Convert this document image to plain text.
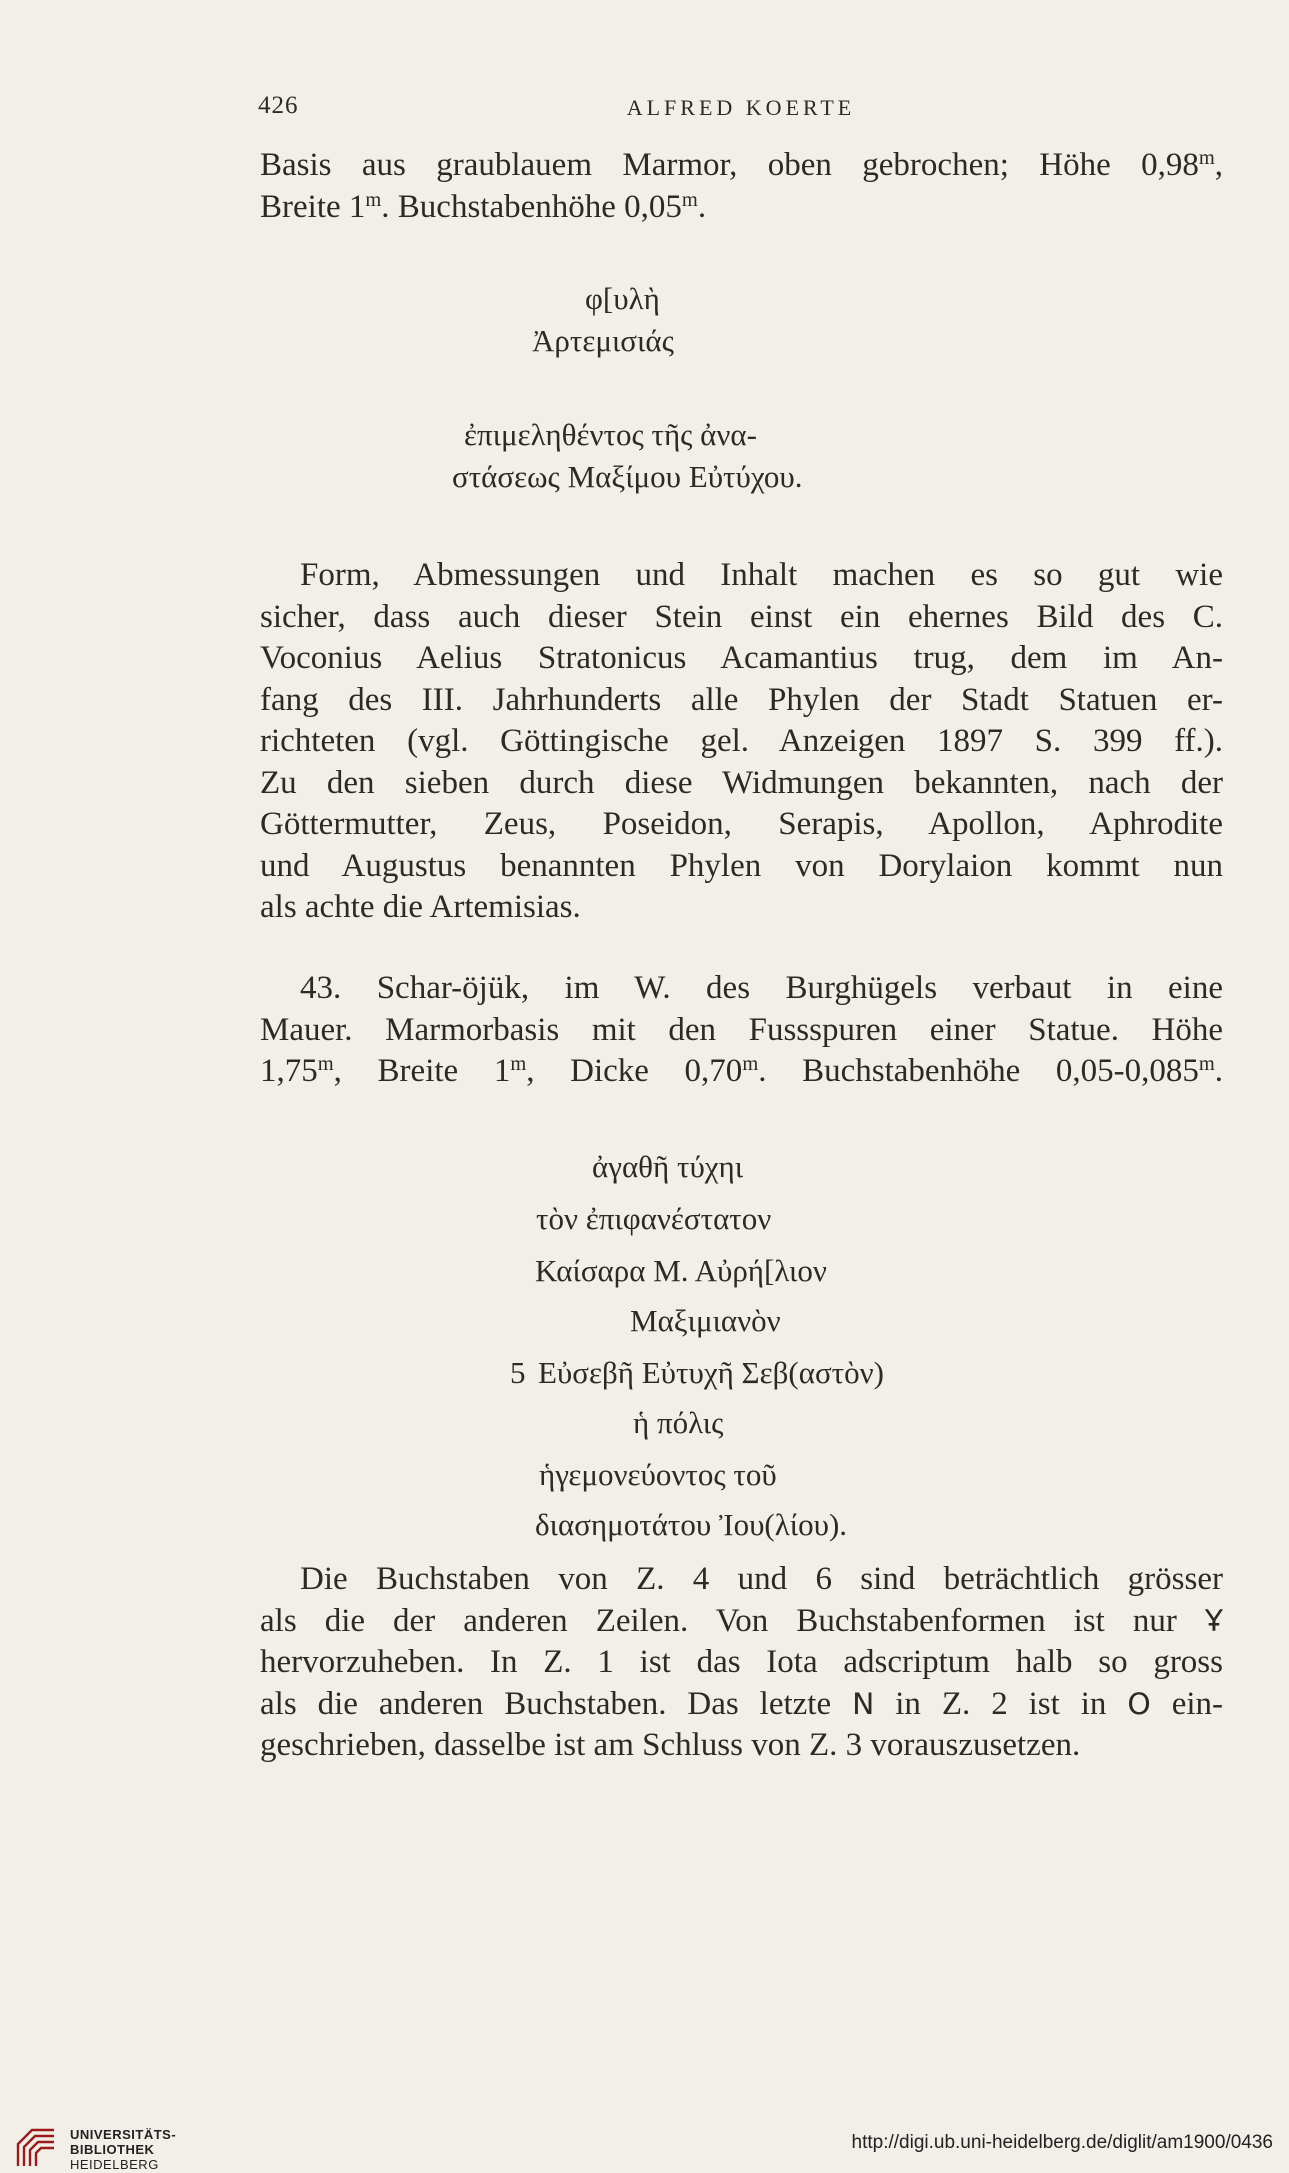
426	ALFRED KOERTE
Basis aus graublauem Marmor, oben gebrochen; Höhe 0,98$^m$,
Breite 1$^m$. Buchstabenhöhe 0,05$^m$.
φ[υλὴ
Ἀρτεμισιάς
ἐπιμεληθέντος τῆς ἀνα-
στάσεως Μαξίμου Εὐτύχου.
Form, Abmessungen und Inhalt machen es so gut wie
sicher, dass auch dieser Stein einst ein ehernes Bild des C.
Voconius Aelius Stratonicus Acamantius trug, dem im An-
fang des III. Jahrhunderts alle Phylen der Stadt Statuen er-
richteten (vgl. Göttingische gel. Anzeigen 1897 S. 399 ff.).
Zu den sieben durch diese Widmungen bekannten, nach der
Göttermutter, Zeus, Poseidon, Serapis, Apollon, Aphrodite
und Augustus benannten Phylen von Dorylaion kommt nun
als achte die Artemisias.
43. Schar-öjük, im W. des Burghügels verbaut in eine
Mauer. Marmorbasis mit den Fussspuren einer Statue. Höhe
1,75$^m$, Breite 1$^m$, Dicke 0,70$^m$. Buchstabenhöhe 0,05-0,085$^m$.
ἀγαθῆ τύχηι
τὸν ἐπιφανέστατον
Καίσαρα Μ. Αὐρή[λιον
Μαξιμιανὸν
5 Εὐσεβῆ Εὐτυχῆ Σεβ(αστὸν)
ἡ πόλις
ἡγεμονεύοντος τοῦ
διασημοτάτου Ἰου(λίου).
Die Buchstaben von Z. 4 und 6 sind beträchtlich grösser
als die der anderen Zeilen. Von Buchstabenformen ist nur Ұ
hervorzuheben. In Z. 1 ist das Iota adscriptum halb so gross
als die anderen Buchstaben. Das letzte N in Z. 2 ist in O ein-
geschrieben, dasselbe ist am Schluss von Z. 3 vorauszusetzen.
UNIVERSITÄTS-
BIBLIOTHEK
HEIDELBERG
http://digi.ub.uni-heidelberg.de/diglit/am1900/0436
